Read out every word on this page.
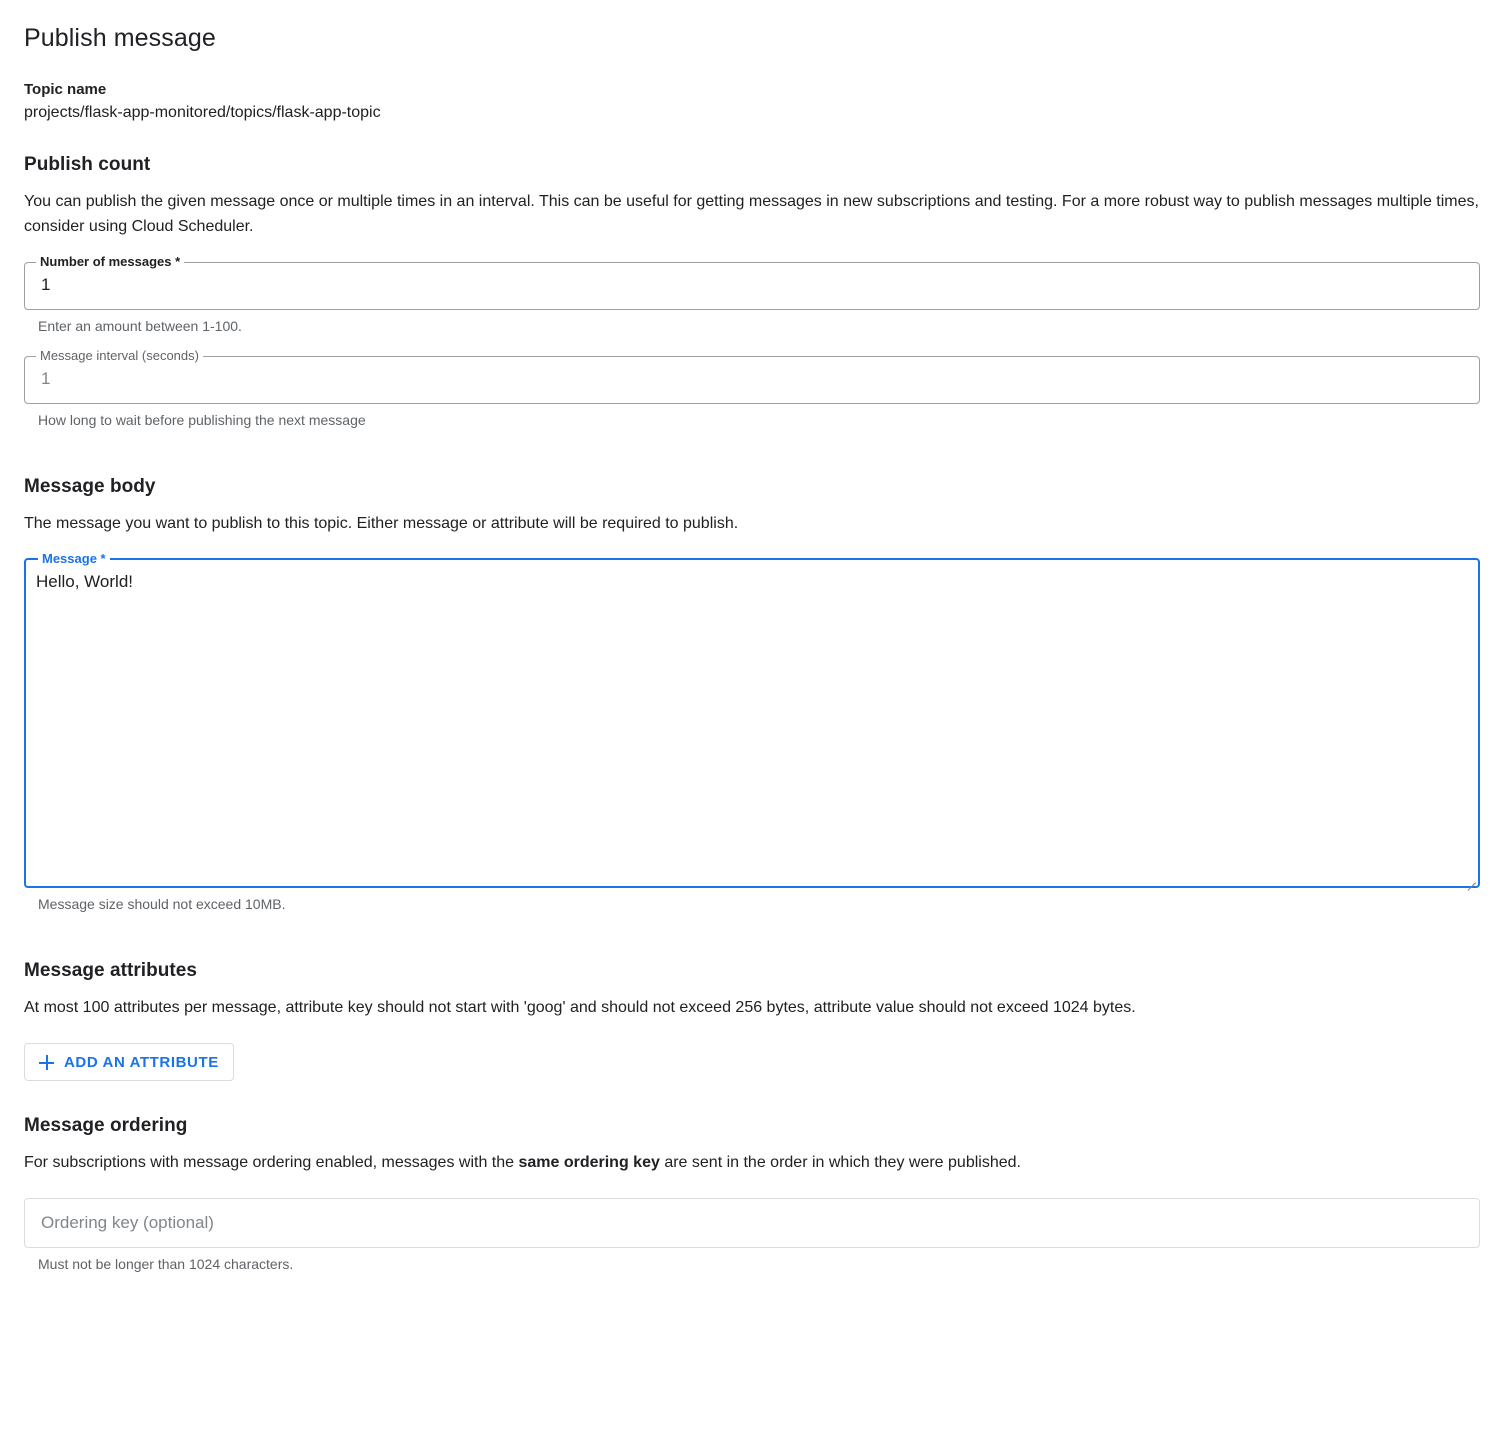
Publish message
Topic name
projects/flask-app-monitored/topics/flask-app-topic
Publish count

You can publish the given message once or multiple times in an interval. This can be useful for getting messages in new subscriptions and testing. For a more robust way to publish messages multiple times, consider using Cloud Scheduler.

Number of messages *
1
Enter an amount between 1-100.
Message interval (seconds)
1
How long to wait before publishing the next message
Message body

The message you want to publish to this topic. Either message or attribute will be required to publish.

Message *
Hello, World!
Message size should not exceed 10MB.
Message attributes

At most 100 attributes per message, attribute key should not start with 'goog' and should not exceed 256 bytes, attribute value should not exceed 1024 bytes.

ADD AN ATTRIBUTE
Message ordering

For subscriptions with message ordering enabled, messages with the same ordering key are sent in the order in which they were published.

Ordering key (optional)
Must not be longer than 1024 characters.
